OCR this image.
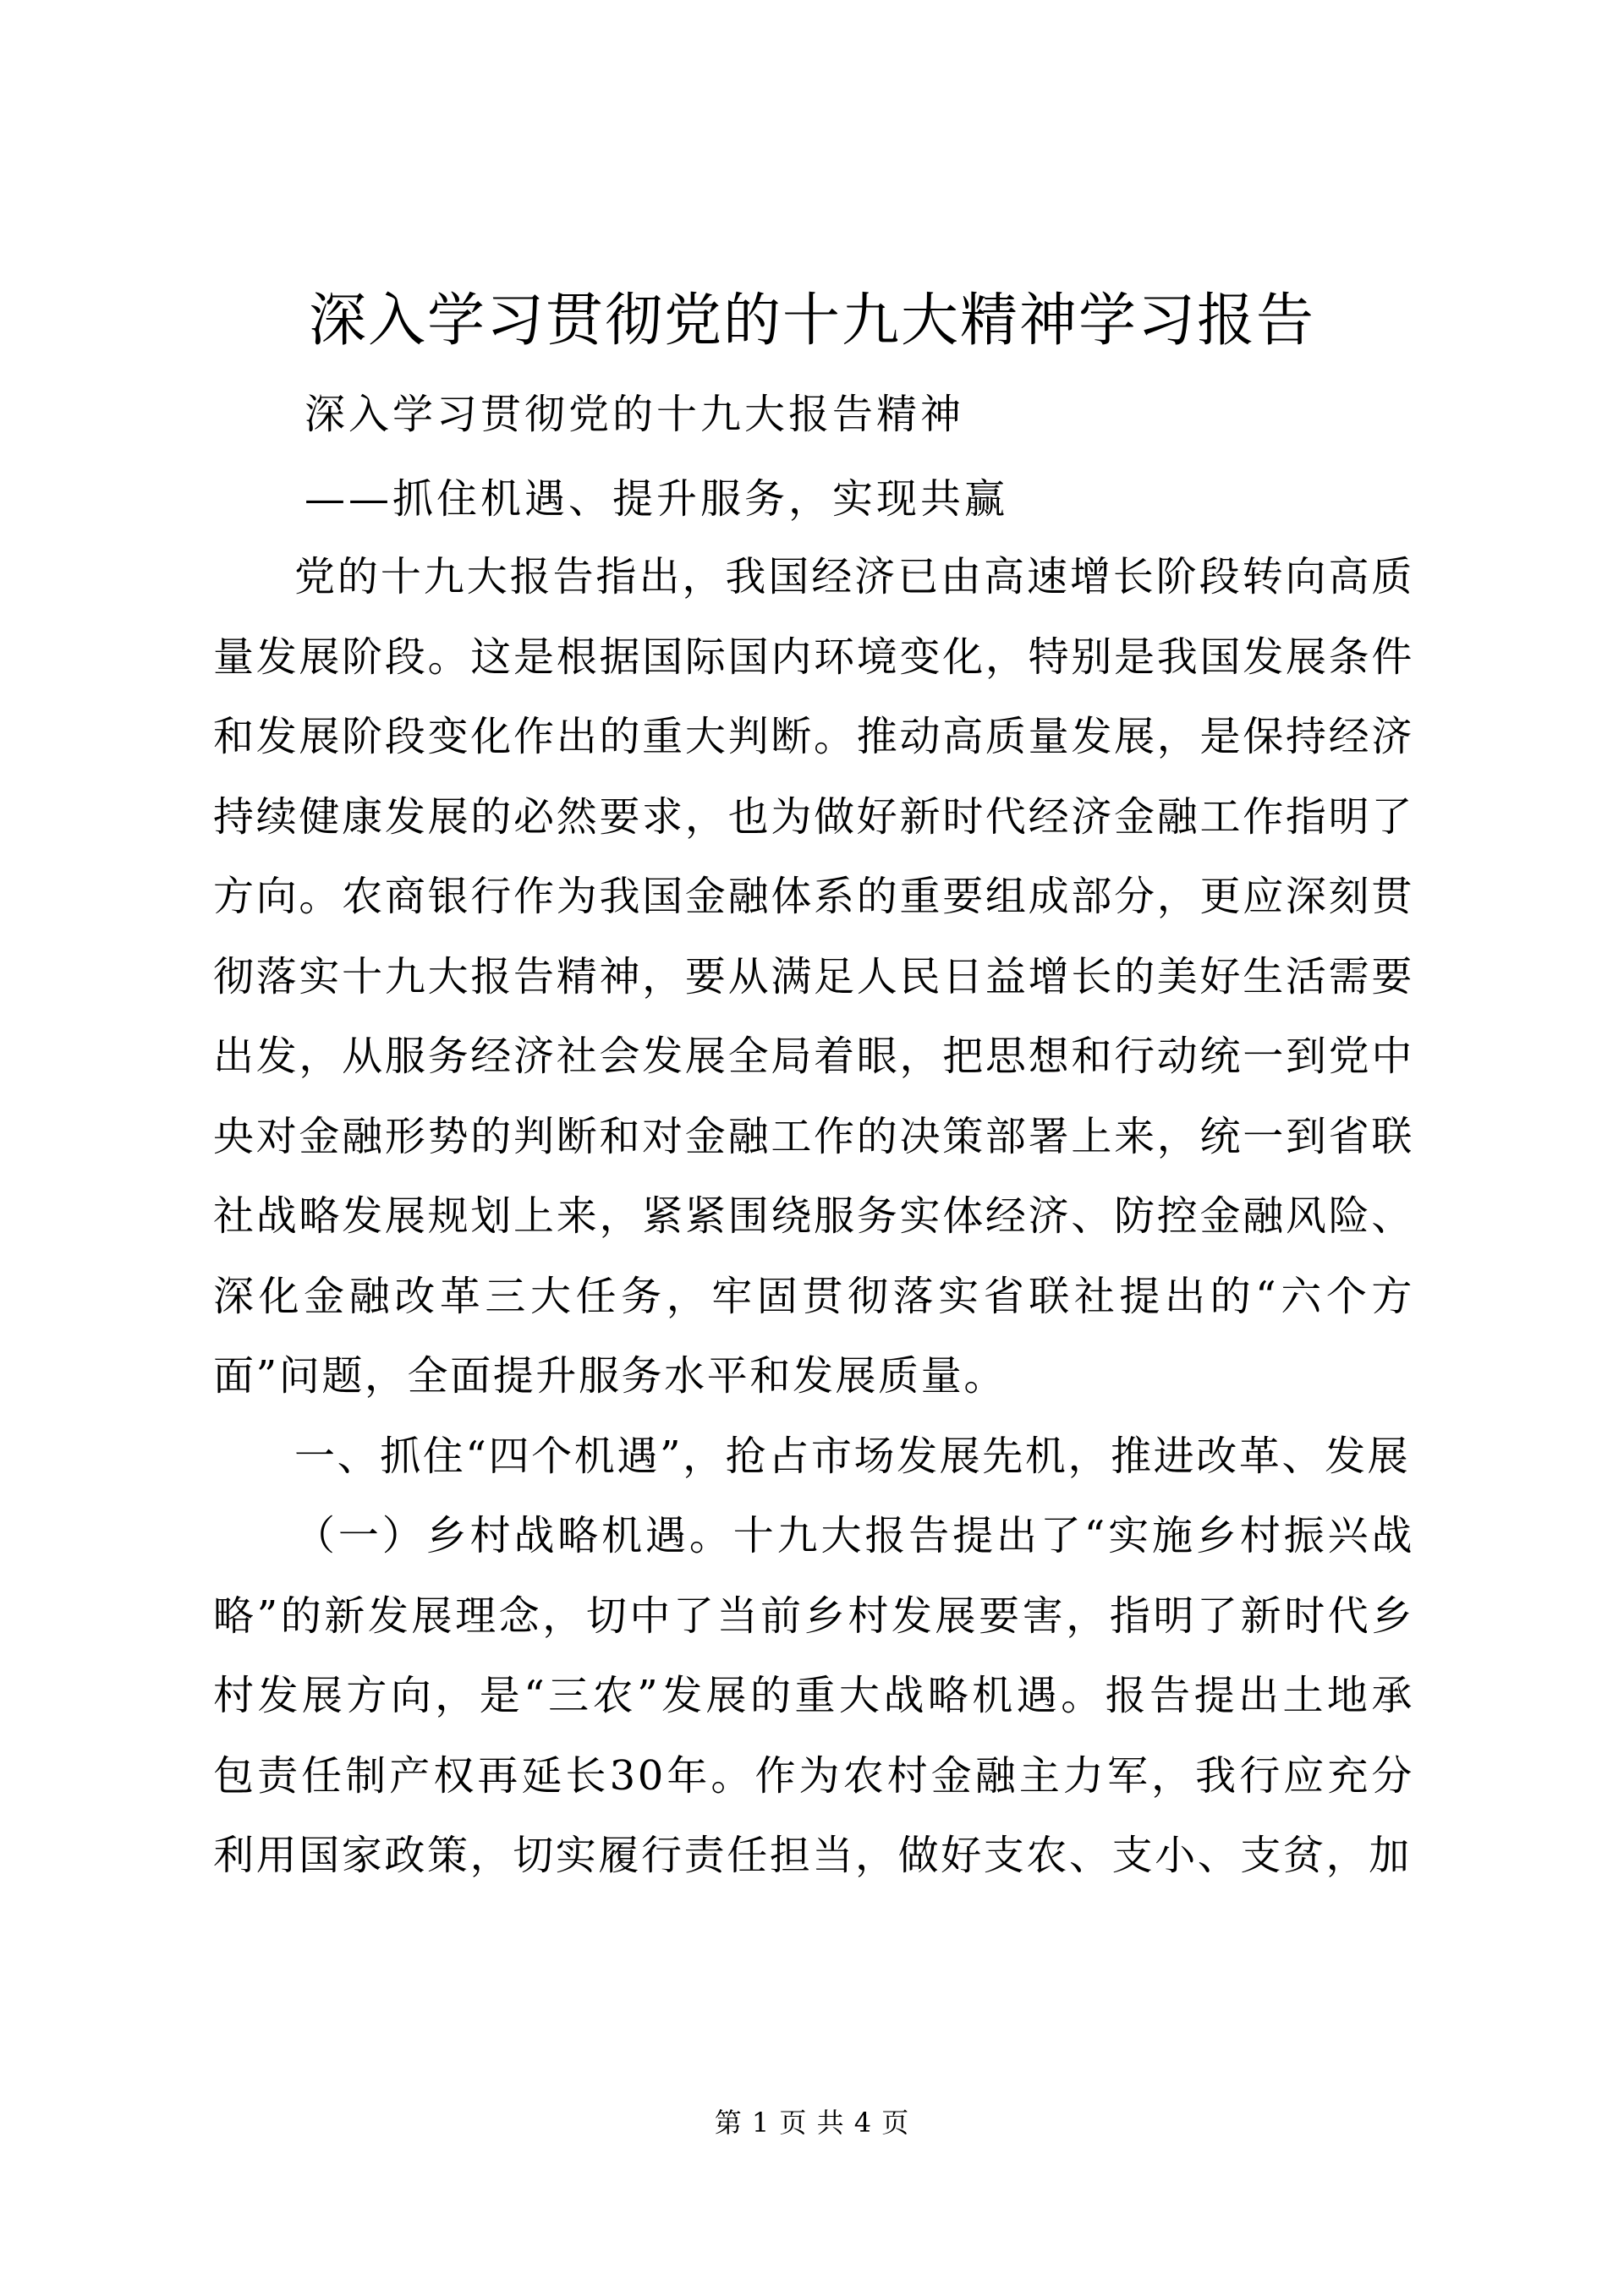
深入学习贯彻党的十九大精神学习报告

深入学习贯彻党的十九大报告精神

——抓住机遇、提升服务，实现共赢

党的十九大报告指出，我国经济已由高速增长阶段转向高质量发展阶段。这是根据国际国内环境变化，特别是我国发展条件和发展阶段变化作出的重大判断。推动高质量发展，是保持经济持续健康发展的必然要求，也为做好新时代经济金融工作指明了方向。农商银行作为我国金融体系的重要组成部分，更应深刻贯彻落实十九大报告精神，要从满足人民日益增长的美好生活需要出发，从服务经济社会发展全局着眼，把思想和行动统一到党中央对金融形势的判断和对金融工作的决策部署上来，统一到省联社战略发展规划上来，紧紧围绕服务实体经济、防控金融风险、深化金融改革三大任务，牢固贯彻落实省联社提出的“六个方面”问题，全面提升服务水平和发展质量。

一、抓住“四个机遇”，抢占市场发展先机，推进改革、发展

（一）乡村战略机遇。十九大报告提出了“实施乡村振兴战略”的新发展理念，切中了当前乡村发展要害，指明了新时代乡村发展方向，是“三农”发展的重大战略机遇。报告提出土地承包责任制产权再延长30年。作为农村金融主力军，我行应充分利用国家政策，切实履行责任担当，做好支农、支小、支贫，加

第 1 页 共 4 页
